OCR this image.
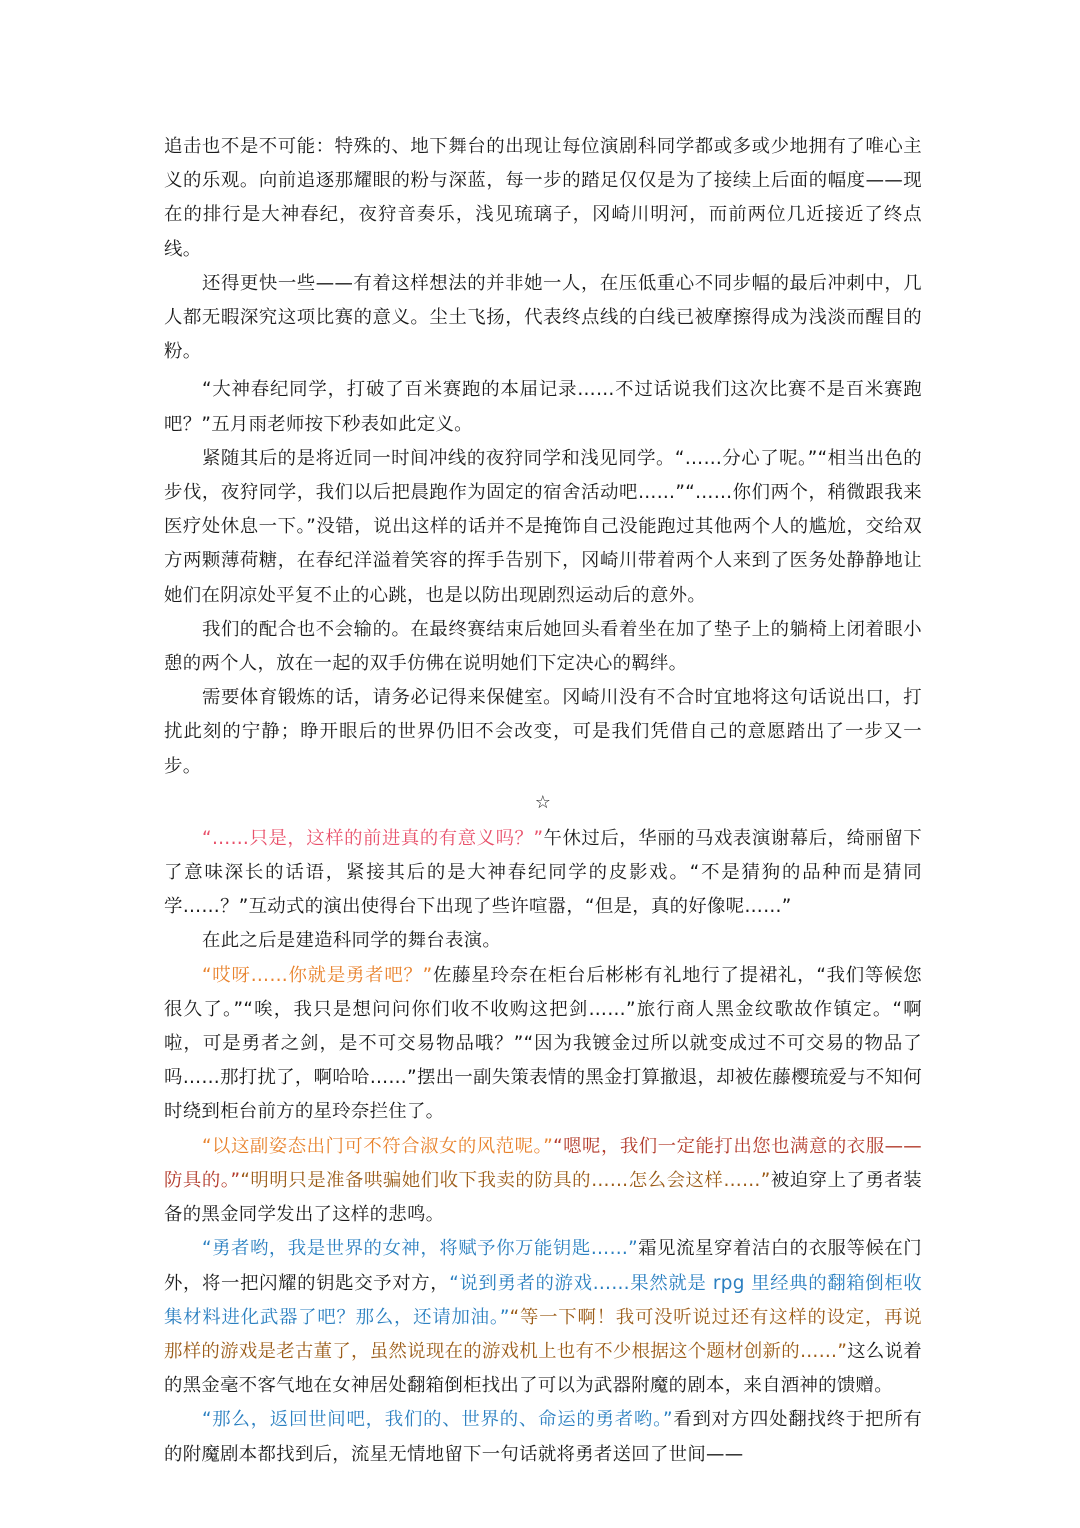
追击也不是不可能：特殊的、地下舞台的出现让每位演剧科同学都或多或少地拥有了唯心主义的乐观。向前追逐那耀眼的粉与深蓝，每一步的踏足仅仅是为了接续上后面的幅度——现在的排行是大神春纪，夜狩音奏乐，浅见琉璃子，冈崎川明河，而前两位几近接近了终点线。

还得更快一些——有着这样想法的并非她一人，在压低重心不同步幅的最后冲刺中，几人都无暇深究这项比赛的意义。尘土飞扬，代表终点线的白线已被摩擦得成为浅淡而醒目的粉。

“大神春纪同学，打破了百米赛跑的本届记录……不过话说我们这次比赛不是百米赛跑吧？”五月雨老师按下秒表如此定义。

紧随其后的是将近同一时间冲线的夜狩同学和浅见同学。“……分心了呢。”“相当出色的步伐，夜狩同学，我们以后把晨跑作为固定的宿舍活动吧……”“……你们两个，稍微跟我来医疗处休息一下。”没错，说出这样的话并不是掩饰自己没能跑过其他两个人的尴尬，交给双方两颗薄荷糖，在春纪洋溢着笑容的挥手告别下，冈崎川带着两个人来到了医务处静静地让她们在阴凉处平复不止的心跳，也是以防出现剧烈运动后的意外。

我们的配合也不会输的。在最终赛结束后她回头看着坐在加了垫子上的躺椅上闭着眼小憩的两个人，放在一起的双手仿佛在说明她们下定决心的羁绊。

需要体育锻炼的话，请务必记得来保健室。冈崎川没有不合时宜地将这句话说出口，打扰此刻的宁静；睁开眼后的世界仍旧不会改变，可是我们凭借自己的意愿踏出了一步又一步。

☆

“……只是，这样的前进真的有意义吗？”午休过后，华丽的马戏表演谢幕后，绮丽留下了意味深长的话语，紧接其后的是大神春纪同学的皮影戏。“不是猜狗的品种而是猜同学……？”互动式的演出使得台下出现了些许喧嚣，“但是，真的好像呢……”

在此之后是建造科同学的舞台表演。

“哎呀……你就是勇者吧？”佐藤星玲奈在柜台后彬彬有礼地行了提裙礼，“我们等候您很久了。”“唉，我只是想问问你们收不收购这把剑……”旅行商人黑金纹歌故作镇定。“啊啦，可是勇者之剑，是不可交易物品哦？”“因为我镀金过所以就变成过不可交易的物品了吗……那打扰了，啊哈哈……”摆出一副失策表情的黑金打算撤退，却被佐藤樱琉爱与不知何时绕到柜台前方的星玲奈拦住了。

“以这副姿态出门可不符合淑女的风范呢。”“嗯呢，我们一定能打出您也满意的衣服——防具的。”“明明只是准备哄骗她们收下我卖的防具的……怎么会这样……”被迫穿上了勇者装备的黑金同学发出了这样的悲鸣。

“勇者哟，我是世界的女神，将赋予你万能钥匙……”霜见流星穿着洁白的衣服等候在门外，将一把闪耀的钥匙交予对方，“说到勇者的游戏……果然就是 rpg 里经典的翻箱倒柜收集材料进化武器了吧？那么，还请加油。”“等一下啊！我可没听说过还有这样的设定，再说那样的游戏是老古董了，虽然说现在的游戏机上也有不少根据这个题材创新的……”这么说着的黑金毫不客气地在女神居处翻箱倒柜找出了可以为武器附魔的剧本，来自酒神的馈赠。

“那么，返回世间吧，我们的、世界的、命运的勇者哟。”看到对方四处翻找终于把所有的附魔剧本都找到后，流星无情地留下一句话就将勇者送回了世间——
